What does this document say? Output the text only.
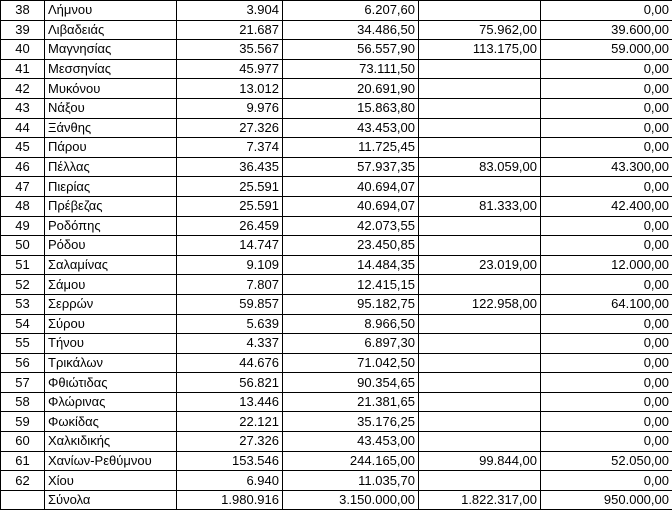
38	Λήμνου	3.904	6.207,60		0,00
39	Λιβαδειάς	21.687	34.486,50	75.962,00	39.600,00
40	Μαγνησίας	35.567	56.557,90	113.175,00	59.000,00
41	Μεσσηνίας	45.977	73.111,50		0,00
42	Μυκόνου	13.012	20.691,90		0,00
43	Νάξου	9.976	15.863,80		0,00
44	Ξάνθης	27.326	43.453,00		0,00
45	Πάρου	7.374	11.725,45		0,00
46	Πέλλας	36.435	57.937,35	83.059,00	43.300,00
47	Πιερίας	25.591	40.694,07		0,00
48	Πρέβεζας	25.591	40.694,07	81.333,00	42.400,00
49	Ροδόπης	26.459	42.073,55		0,00
50	Ρόδου	14.747	23.450,85		0,00
51	Σαλαμίνας	9.109	14.484,35	23.019,00	12.000,00
52	Σάμου	7.807	12.415,15		0,00
53	Σερρών	59.857	95.182,75	122.958,00	64.100,00
54	Σύρου	5.639	8.966,50		0,00
55	Τήνου	4.337	6.897,30		0,00
56	Τρικάλων	44.676	71.042,50		0,00
57	Φθιώτιδας	56.821	90.354,65		0,00
58	Φλώρινας	13.446	21.381,65		0,00
59	Φωκίδας	22.121	35.176,25		0,00
60	Χαλκιδικής	27.326	43.453,00		0,00
61	Χανίων-Ρεθύμνου	153.546	244.165,00	99.844,00	52.050,00
62	Χίου	6.940	11.035,70		0,00
	Σύνολα	1.980.916	3.150.000,00	1.822.317,00	950.000,00
